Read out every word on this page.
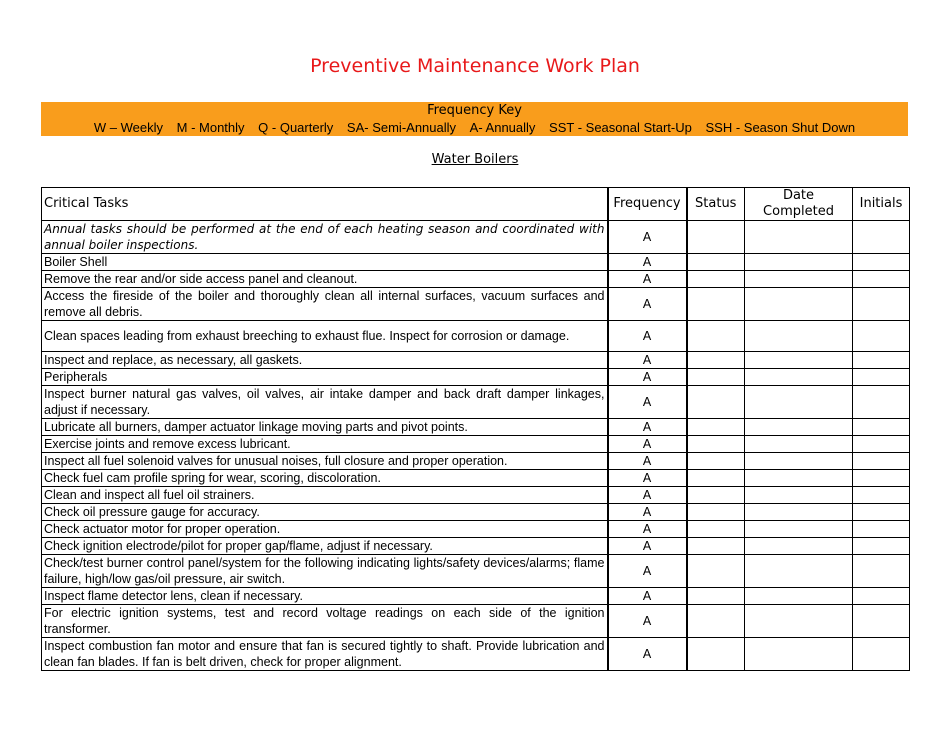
Preventive Maintenance Work Plan
Frequency Key
W – Weekly M - Monthly Q - Quarterly SA- Semi-Annually A- Annually SST - Seasonal Start-Up SSH - Season Shut Down
Water Boilers
Critical Tasks	Frequency	Status	Date Completed	Initials
Annual tasks should be performed at the end of each heating season and coordinated with annual boiler inspections.	A			
Boiler Shell	A			
Remove the rear and/or side access panel and cleanout.	A			
Access the fireside of the boiler and thoroughly clean all internal surfaces, vacuum surfaces and remove all debris.	A			
Clean spaces leading from exhaust breeching to exhaust flue. Inspect for corrosion or damage.	A			
Inspect and replace, as necessary, all gaskets.	A			
Peripherals	A			
Inspect burner natural gas valves, oil valves, air intake damper and back draft damper linkages, adjust if necessary.	A			
Lubricate all burners, damper actuator linkage moving parts and pivot points.	A			
Exercise joints and remove excess lubricant.	A			
Inspect all fuel solenoid valves for unusual noises, full closure and proper operation.	A			
Check fuel cam profile spring for wear, scoring, discoloration.	A			
Clean and inspect all fuel oil strainers.	A			
Check oil pressure gauge for accuracy.	A			
Check actuator motor for proper operation.	A			
Check ignition electrode/pilot for proper gap/flame, adjust if necessary.	A			
Check/test burner control panel/system for the following indicating lights/safety devices/alarms; flame failure, high/low gas/oil pressure, air switch.	A			
Inspect flame detector lens, clean if necessary.	A			
For electric ignition systems, test and record voltage readings on each side of the ignition transformer.	A			
Inspect combustion fan motor and ensure that fan is secured tightly to shaft. Provide lubrication and clean fan blades. If fan is belt driven, check for proper alignment.	A			
